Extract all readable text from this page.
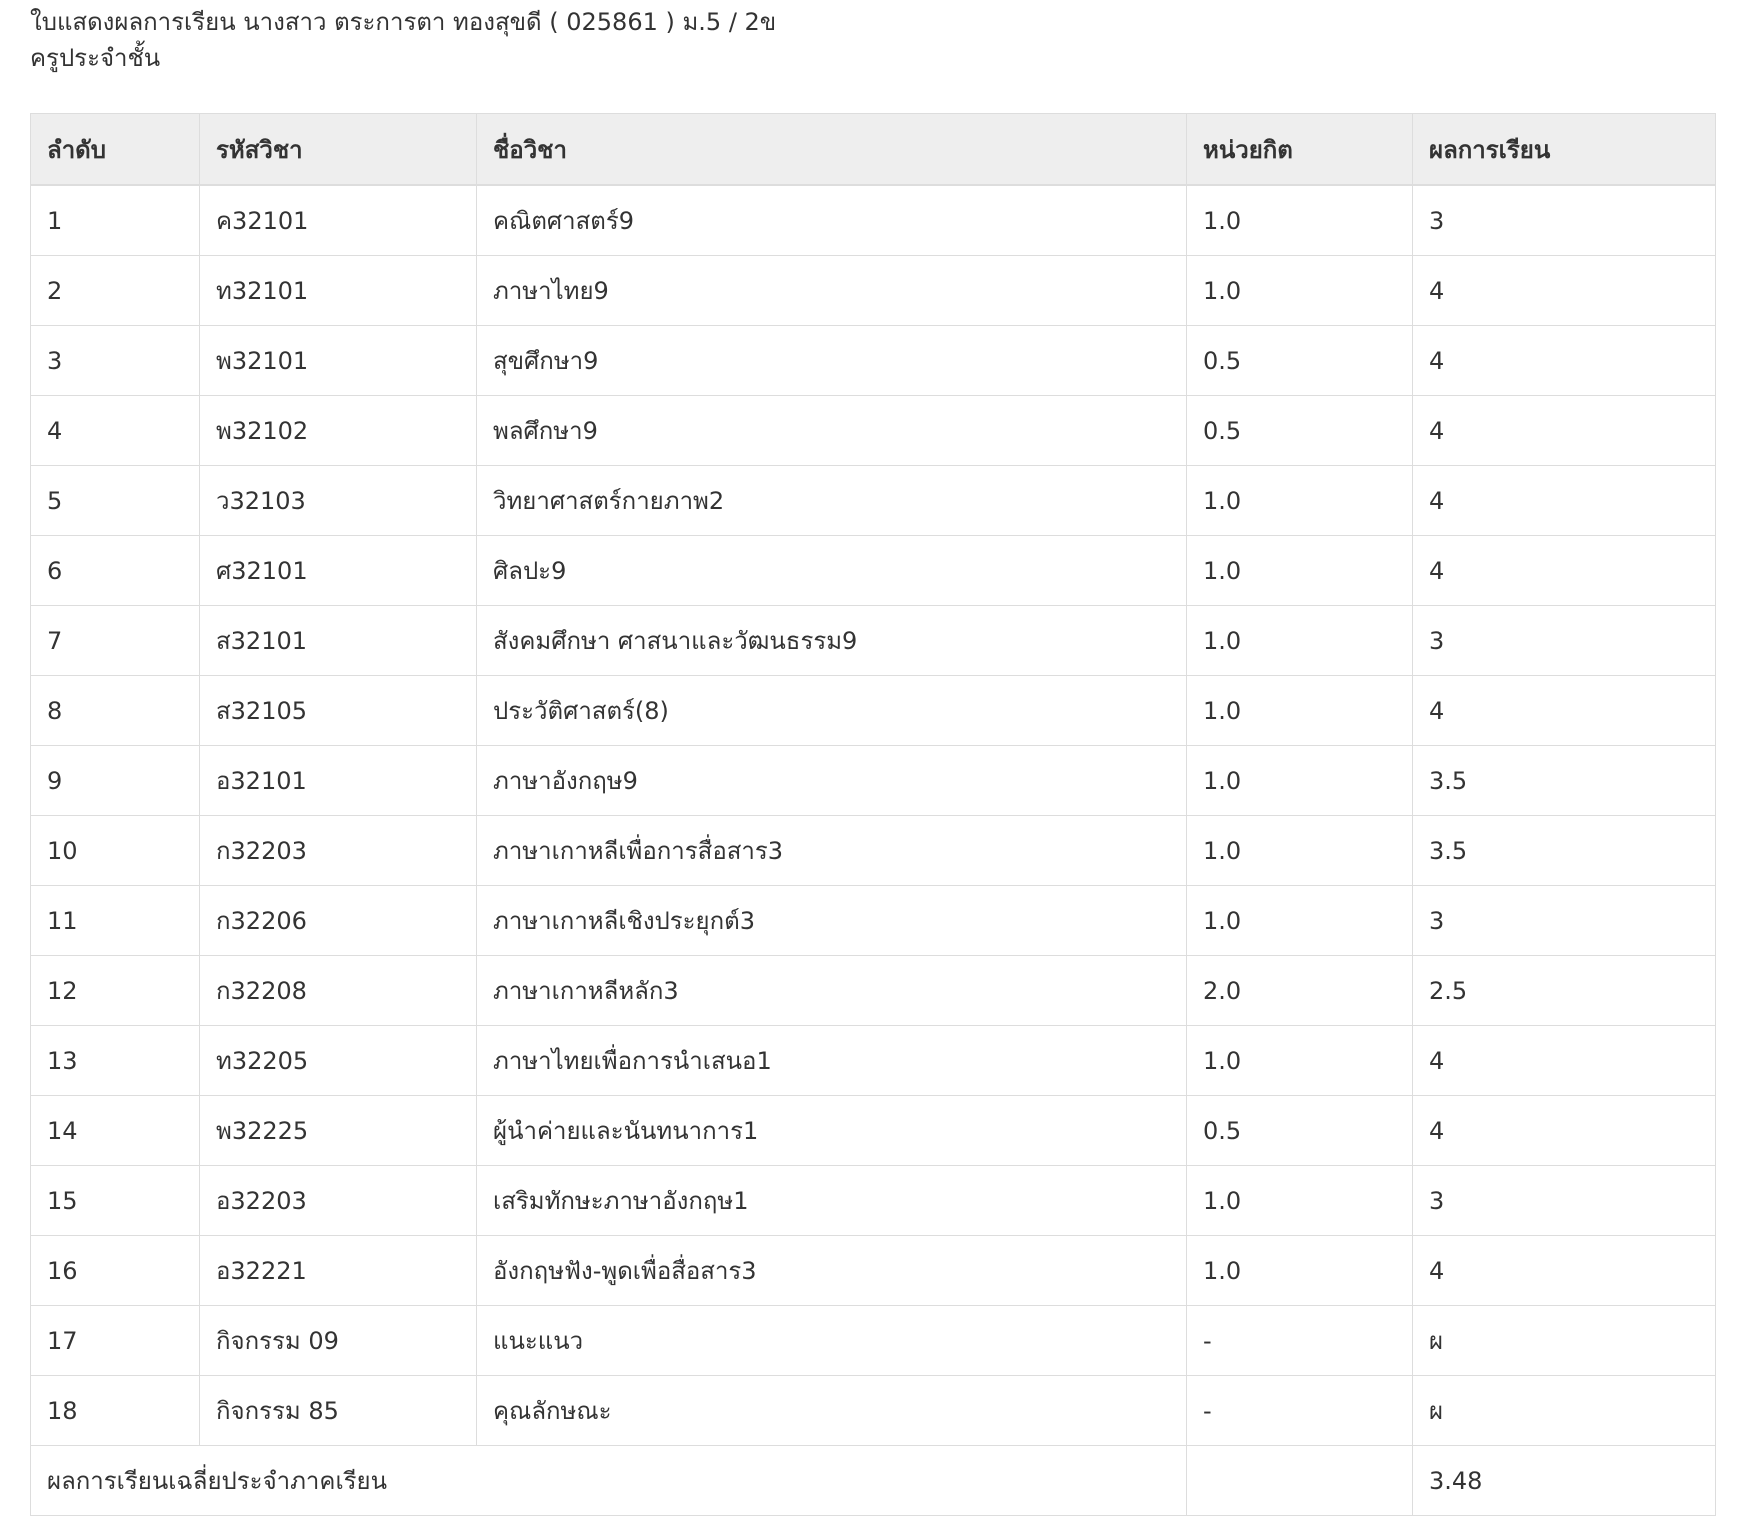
ใบแสดงผลการเรียน นางสาว ตระการตา ทองสุขดี ( 025861 ) ม.5 / 2ข
ครูประจำชั้น
ลำดับ	รหัสวิชา	ชื่อวิชา	หน่วยกิต	ผลการเรียน
1	ค32101	คณิตศาสตร์9	1.0	3
2	ท32101	ภาษาไทย9	1.0	4
3	พ32101	สุขศึกษา9	0.5	4
4	พ32102	พลศึกษา9	0.5	4
5	ว32103	วิทยาศาสตร์กายภาพ2	1.0	4
6	ศ32101	ศิลปะ9	1.0	4
7	ส32101	สังคมศึกษา ศาสนาและวัฒนธรรม9	1.0	3
8	ส32105	ประวัติศาสตร์(8)	1.0	4
9	อ32101	ภาษาอังกฤษ9	1.0	3.5
10	ก32203	ภาษาเกาหลีเพื่อการสื่อสาร3	1.0	3.5
11	ก32206	ภาษาเกาหลีเชิงประยุกต์3	1.0	3
12	ก32208	ภาษาเกาหลีหลัก3	2.0	2.5
13	ท32205	ภาษาไทยเพื่อการนำเสนอ1	1.0	4
14	พ32225	ผู้นำค่ายและนันทนาการ1	0.5	4
15	อ32203	เสริมทักษะภาษาอังกฤษ1	1.0	3
16	อ32221	อังกฤษฟัง-พูดเพื่อสื่อสาร3	1.0	4
17	กิจกรรม 09	แนะแนว	-	ผ
18	กิจกรรม 85	คุณลักษณะ	-	ผ
ผลการเรียนเฉลี่ยประจำภาคเรียน				3.48
